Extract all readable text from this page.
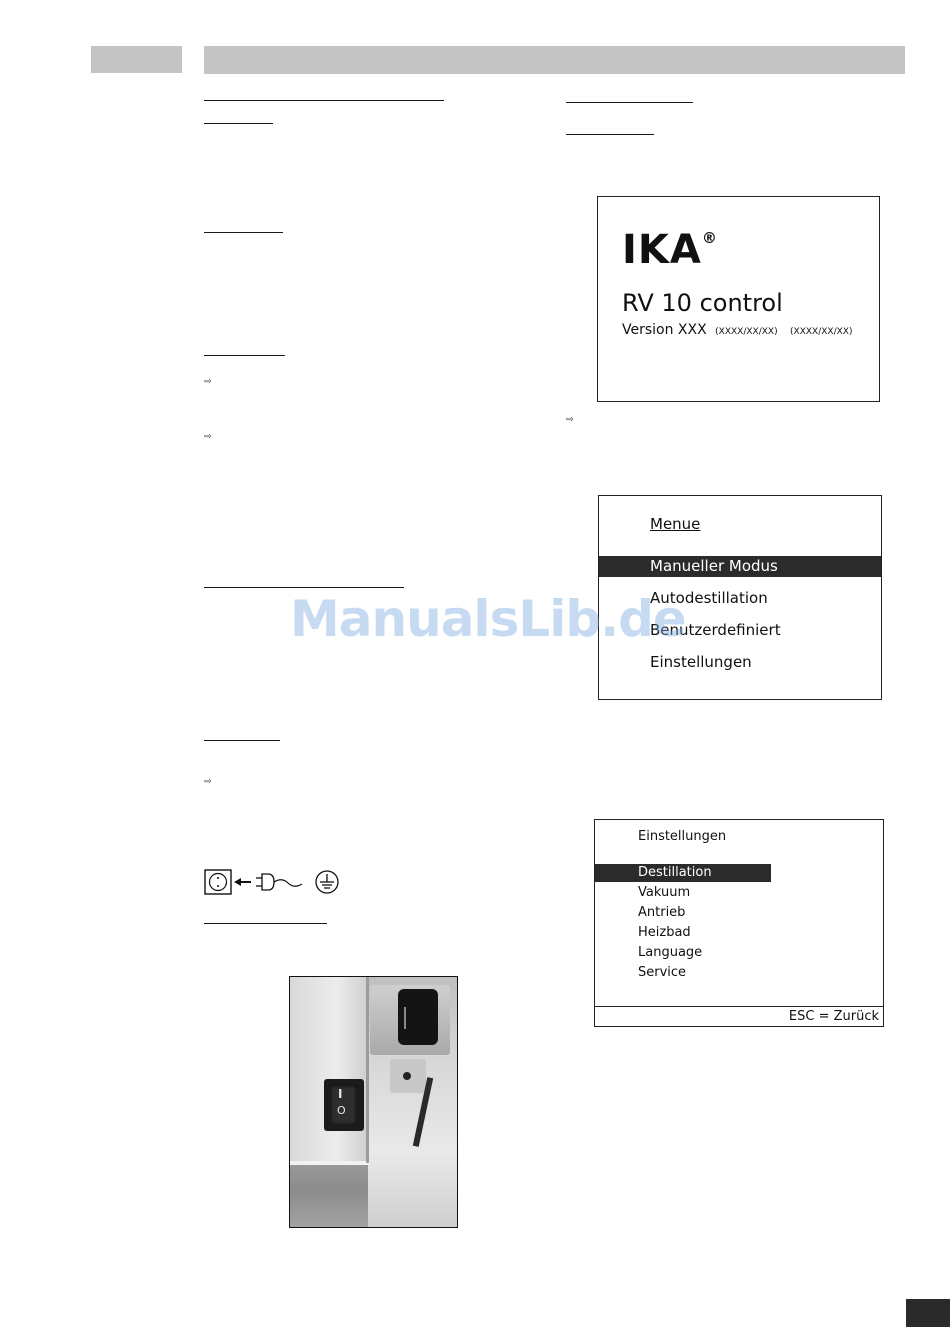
⇨
⇨
⇨
⇨
IKA®
RV 10 control
Version XXX (XXXX/XX/XX) (XXXX/XX/XX)
Menue
Manueller Modus
Autodestillation
Benutzerdefiniert
Einstellungen
Einstellungen
Destillation
Vakuum
Antrieb
Heizbad
Language
Service
ESC = Zurück
ManualsLib.de
I
O
